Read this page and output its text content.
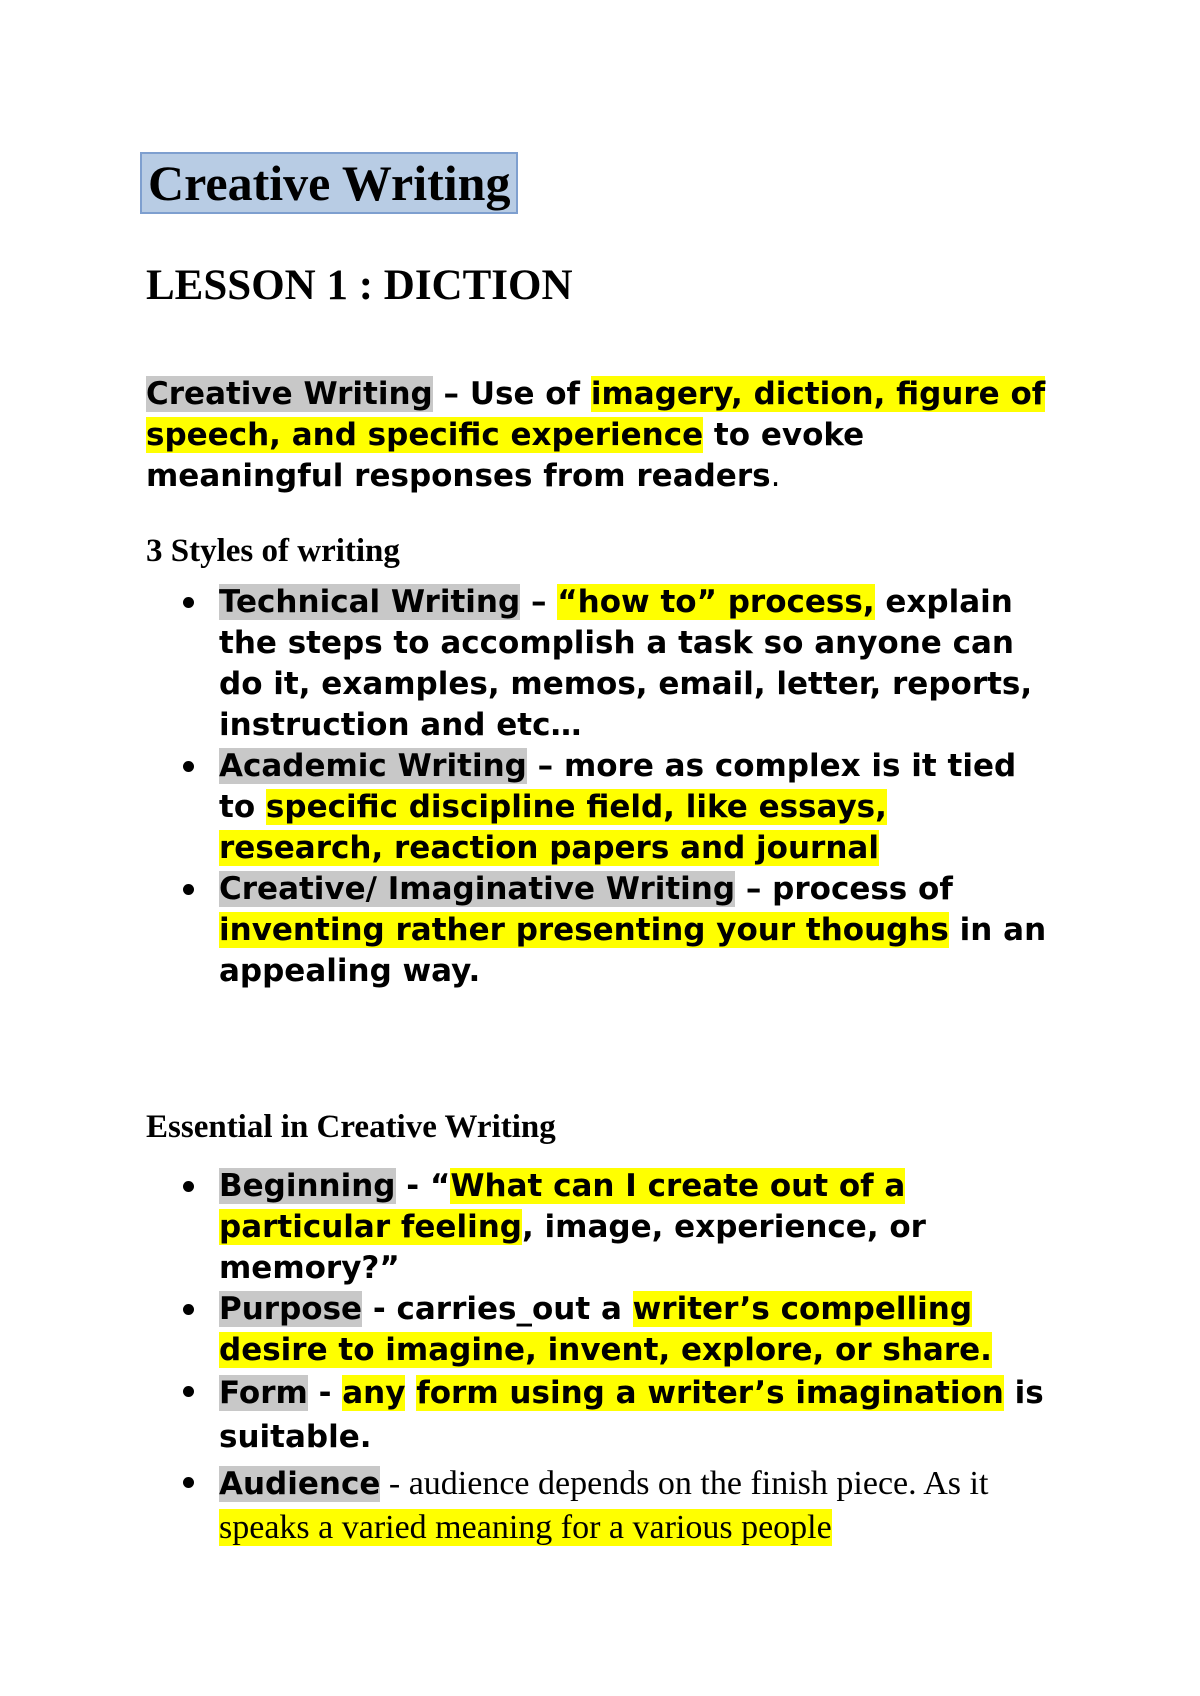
Creative Writing
LESSON 1 : DICTION
Creative Writing – Use of imagery, diction, figure of speech, and specific experience to evoke meaningful responses from readers.
3 Styles of writing
Technical Writing – “how to” process, explain the steps to accomplish a task so anyone can do it, examples, memos, email, letter, reports, instruction and etc…
Academic Writing – more as complex is it tied to specific discipline field, like essays, research, reaction papers and journal
Creative/ Imaginative Writing – process of inventing rather presenting your thoughs in an appealing way.
Essential in Creative Writing
Beginning - “What can I create out of a particular feeling, image, experience, or memory?”
Purpose - carries_out a writer’s compelling desire to imagine, invent, explore, or share.
Form - any form using a writer’s imagination is suitable.
Audience - audience depends on the finish piece. As it speaks a varied meaning for a various people
